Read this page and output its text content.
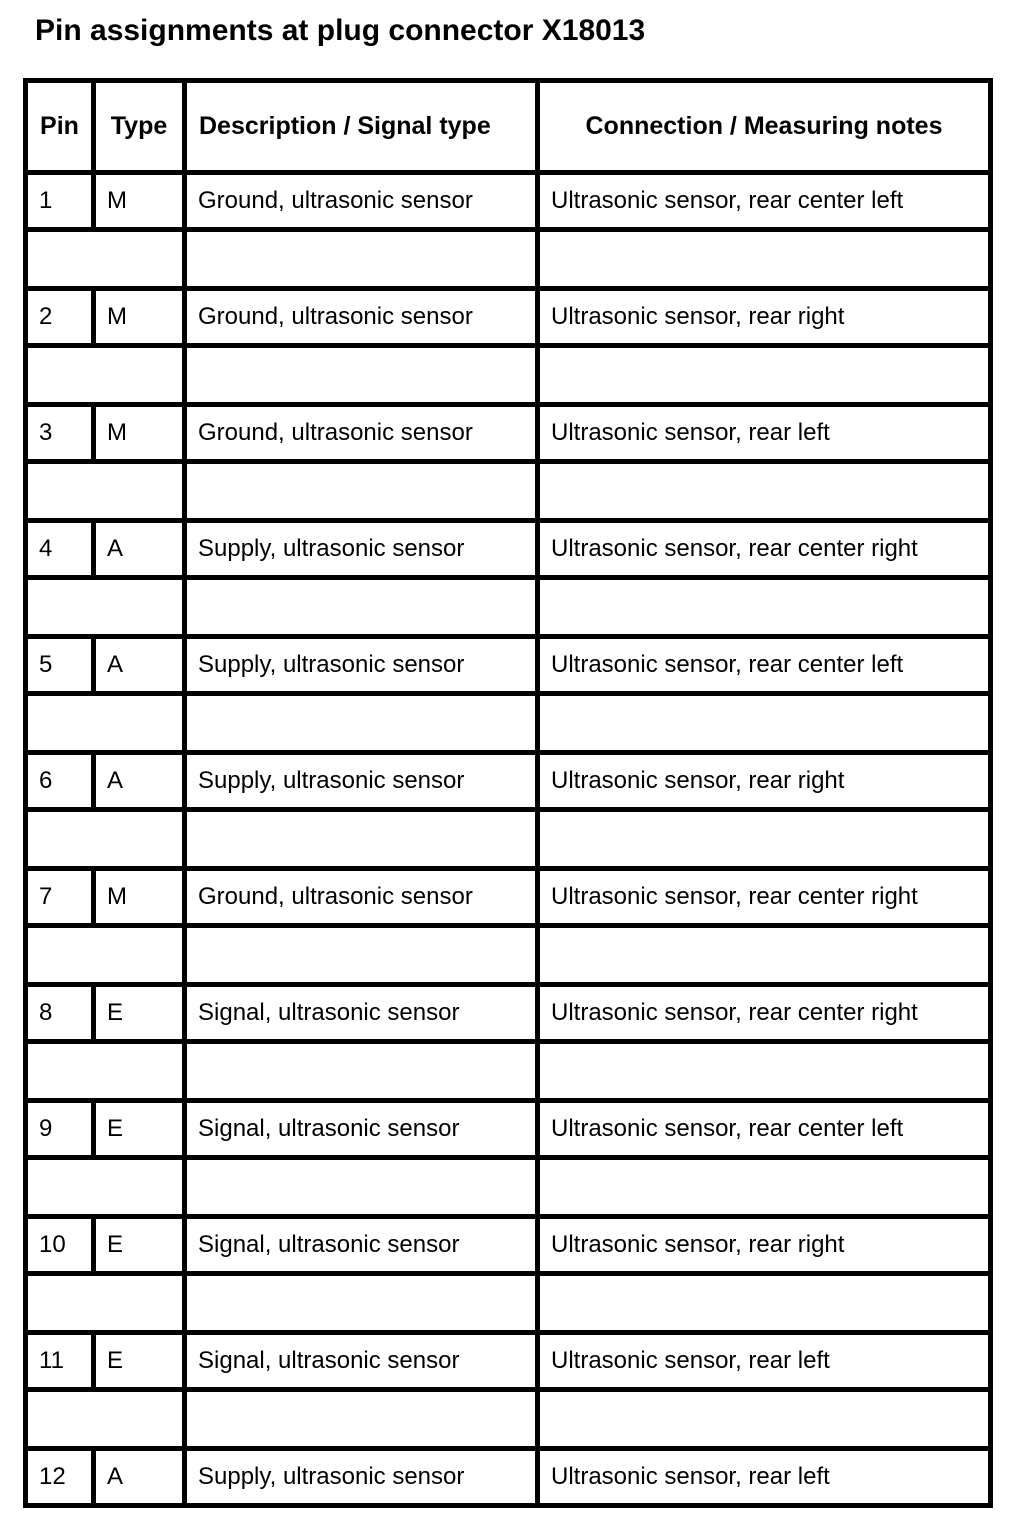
Pin assignments at plug connector X18013
Pin	Type	Description / Signal type	Connection / Measuring notes
1	M	Ground, ultrasonic sensor	Ultrasonic sensor, rear center left

2	M	Ground, ultrasonic sensor	Ultrasonic sensor, rear right

3	M	Ground, ultrasonic sensor	Ultrasonic sensor, rear left

4	A	Supply, ultrasonic sensor	Ultrasonic sensor, rear center right

5	A	Supply, ultrasonic sensor	Ultrasonic sensor, rear center left

6	A	Supply, ultrasonic sensor	Ultrasonic sensor, rear right

7	M	Ground, ultrasonic sensor	Ultrasonic sensor, rear center right

8	E	Signal, ultrasonic sensor	Ultrasonic sensor, rear center right

9	E	Signal, ultrasonic sensor	Ultrasonic sensor, rear center left

10	E	Signal, ultrasonic sensor	Ultrasonic sensor, rear right

11	E	Signal, ultrasonic sensor	Ultrasonic sensor, rear left

12	A	Supply, ultrasonic sensor	Ultrasonic sensor, rear left
